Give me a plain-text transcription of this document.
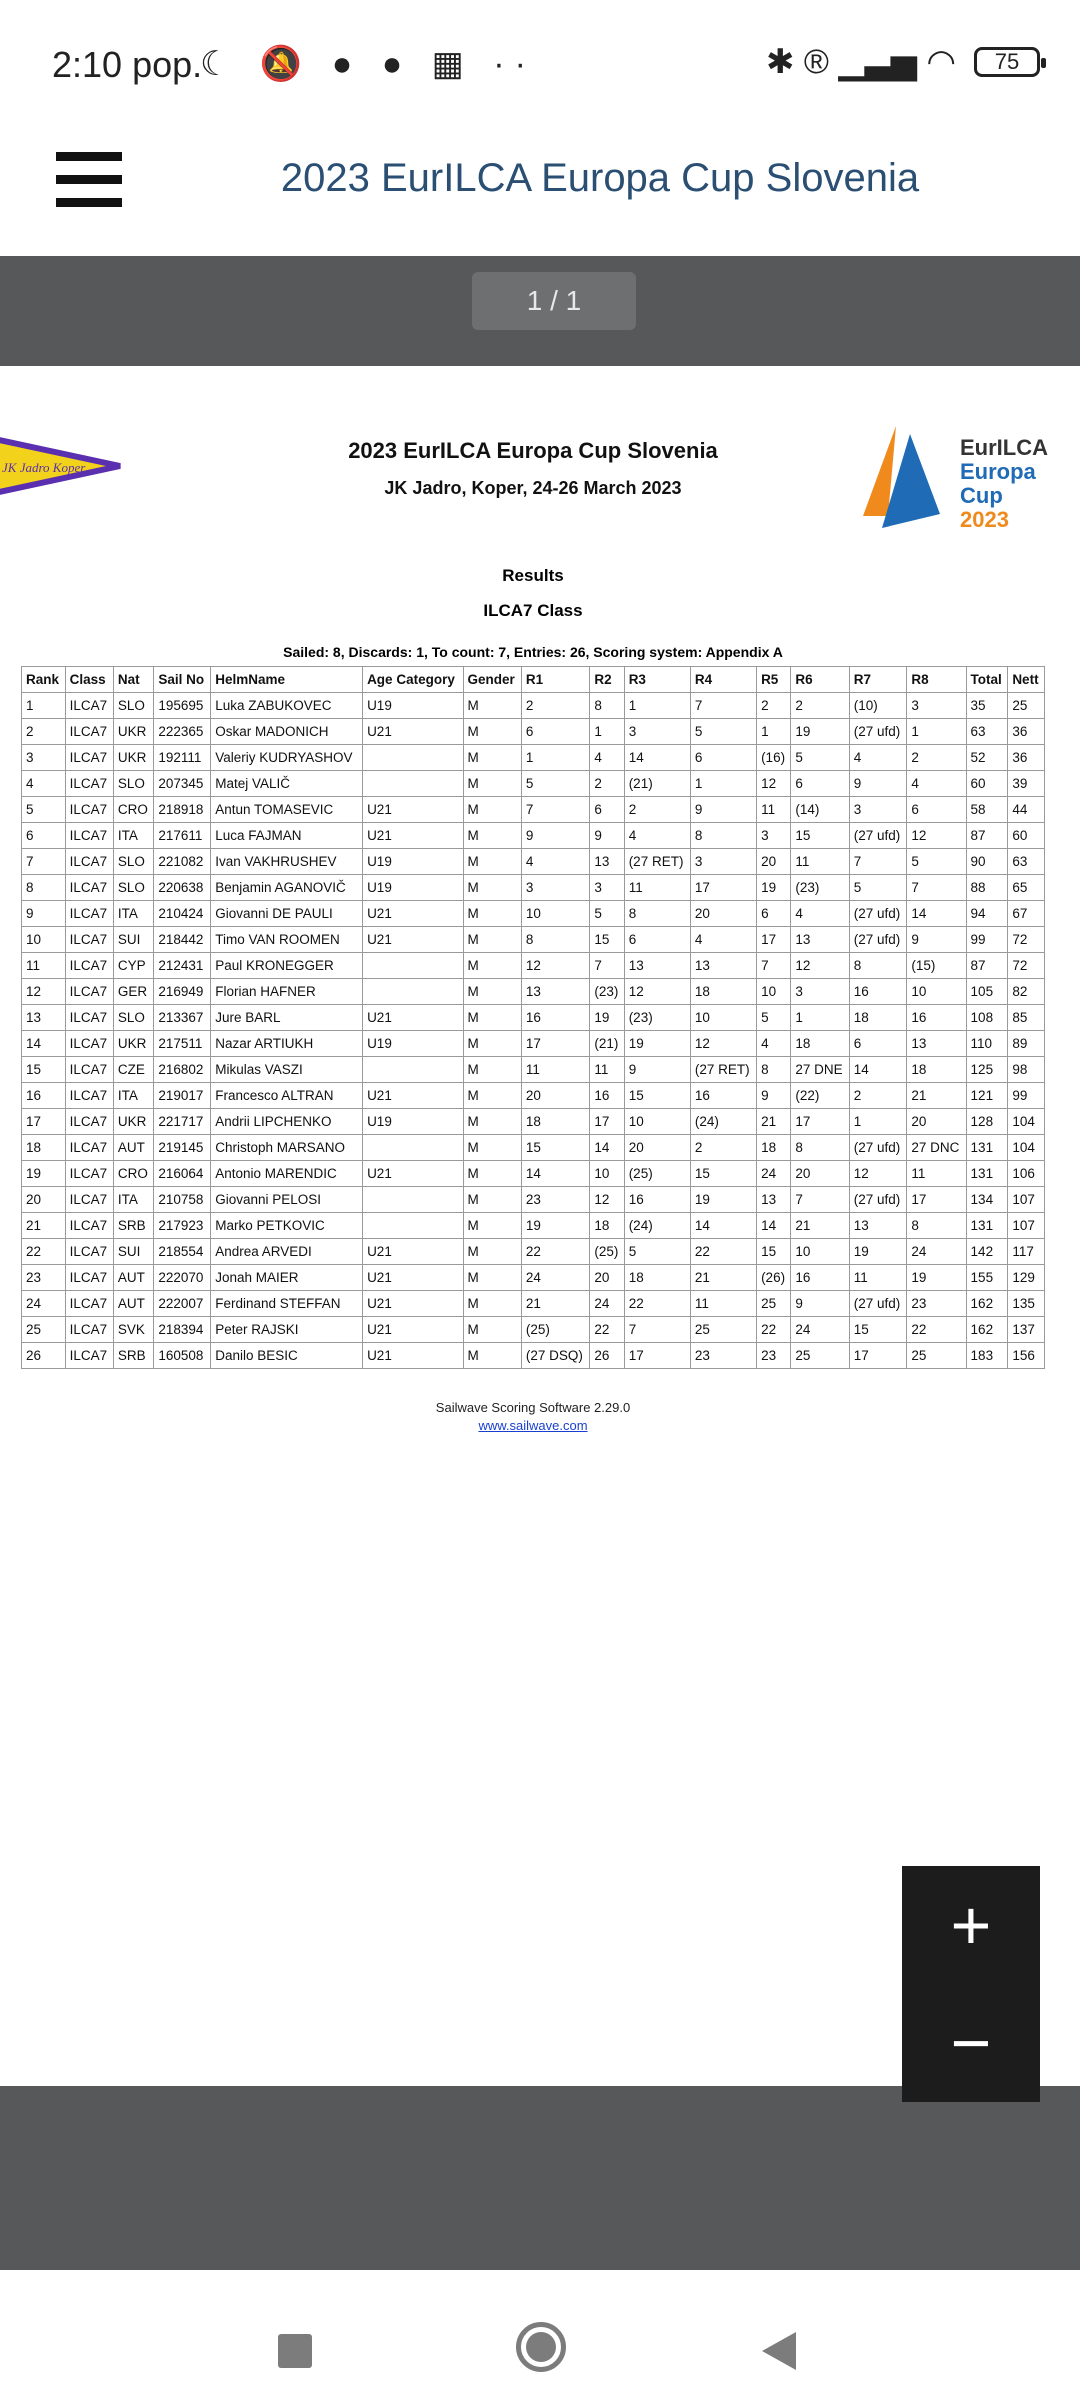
2:10 pop.
☾ 🔕 ● ● ▦ ··	✱ ® ▁▃▅ ◠	75
2023 EurILCA Europa Cup Slovenia
1 / 1
JK Jadro Koper
EurILCA
Europa Cup
2023
2023 EurILCA Europa Cup Slovenia
JK Jadro, Koper, 24-26 March 2023
Results
ILCA7 Class
Sailed: 8, Discards: 1, To count: 7, Entries: 26, Scoring system: Appendix A
Rank	Class	Nat	Sail No	HelmName	Age Category	Gender	R1	R2	R3	R4	R5	R6	R7	R8	Total	Nett
1	ILCA7	SLO	195695	Luka ZABUKOVEC	U19	M	2	8	1	7	2	2	(10)	3	35	25
2	ILCA7	UKR	222365	Oskar MADONICH	U21	M	6	1	3	5	1	19	(27 ufd)	1	63	36
3	ILCA7	UKR	192111	Valeriy KUDRYASHOV		M	1	4	14	6	(16)	5	4	2	52	36
4	ILCA7	SLO	207345	Matej VALIČ		M	5	2	(21)	1	12	6	9	4	60	39
5	ILCA7	CRO	218918	Antun TOMASEVIC	U21	M	7	6	2	9	11	(14)	3	6	58	44
6	ILCA7	ITA	217611	Luca FAJMAN	U21	M	9	9	4	8	3	15	(27 ufd)	12	87	60
7	ILCA7	SLO	221082	Ivan VAKHRUSHEV	U19	M	4	13	(27 RET)	3	20	11	7	5	90	63
8	ILCA7	SLO	220638	Benjamin AGANOVIČ	U19	M	3	3	11	17	19	(23)	5	7	88	65
9	ILCA7	ITA	210424	Giovanni DE PAULI	U21	M	10	5	8	20	6	4	(27 ufd)	14	94	67
10	ILCA7	SUI	218442	Timo VAN ROOMEN	U21	M	8	15	6	4	17	13	(27 ufd)	9	99	72
11	ILCA7	CYP	212431	Paul KRONEGGER		M	12	7	13	13	7	12	8	(15)	87	72
12	ILCA7	GER	216949	Florian HAFNER		M	13	(23)	12	18	10	3	16	10	105	82
13	ILCA7	SLO	213367	Jure BARL	U21	M	16	19	(23)	10	5	1	18	16	108	85
14	ILCA7	UKR	217511	Nazar ARTIUKH	U19	M	17	(21)	19	12	4	18	6	13	110	89
15	ILCA7	CZE	216802	Mikulas VASZI		M	11	11	9	(27 RET)	8	27 DNE	14	18	125	98
16	ILCA7	ITA	219017	Francesco ALTRAN	U21	M	20	16	15	16	9	(22)	2	21	121	99
17	ILCA7	UKR	221717	Andrii LIPCHENKO	U19	M	18	17	10	(24)	21	17	1	20	128	104
18	ILCA7	AUT	219145	Christoph MARSANO		M	15	14	20	2	18	8	(27 ufd)	27 DNC	131	104
19	ILCA7	CRO	216064	Antonio MARENDIC	U21	M	14	10	(25)	15	24	20	12	11	131	106
20	ILCA7	ITA	210758	Giovanni PELOSI		M	23	12	16	19	13	7	(27 ufd)	17	134	107
21	ILCA7	SRB	217923	Marko PETKOVIC		M	19	18	(24)	14	14	21	13	8	131	107
22	ILCA7	SUI	218554	Andrea ARVEDI	U21	M	22	(25)	5	22	15	10	19	24	142	117
23	ILCA7	AUT	222070	Jonah MAIER	U21	M	24	20	18	21	(26)	16	11	19	155	129
24	ILCA7	AUT	222007	Ferdinand STEFFAN	U21	M	21	24	22	11	25	9	(27 ufd)	23	162	135
25	ILCA7	SVK	218394	Peter RAJSKI	U21	M	(25)	22	7	25	22	24	15	22	162	137
26	ILCA7	SRB	160508	Danilo BESIC	U21	M	(27 DSQ)	26	17	23	23	25	17	25	183	156
Sailwave Scoring Software 2.29.0
www.sailwave.com
+
−
